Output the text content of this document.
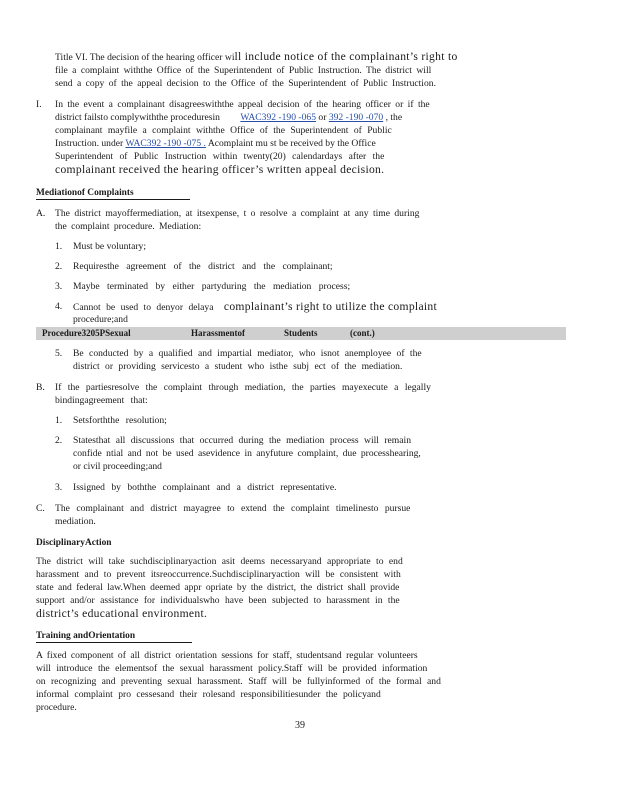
Title VI. The decision of the hearing officer will include notice of the complainant’s right to
file a complaint withthe Office of the Superintendent of Public Instruction. The district will
send a copy of the appeal decision to the Office of the Superintendent of Public Instruction.
I. In the event a complainant disagreeswiththe appeal decision of the hearing officer or if the
district failsto complywiththe proceduresin WAC392 -190 -065 or 392 -190 -070 , the
complainant mayfile a complaint withthe Office of the Superintendent of Public
Instruction. under WAC392 -190 -075 . Acomplaint mu st be received by the Office
Superintendent of Public Instruction within twenty(20) calendardays after the
complainant received the hearing officer’s written appeal decision.
Mediationof Complaints
A. The district mayoffermediation, at itsexpense, t o resolve a complaint at any time during
the complaint procedure. Mediation:
1. Must be voluntary;
2. Requiresthe agreement of the district and the complainant;
3. Maybe terminated by either partyduring the mediation process;
4. Cannot be used to denyor delaya complainant’s right to utilize the complaint
procedure;and
Procedure3205PSexual	Harassmentof	Students	(cont.)
5. Be conducted by a qualified and impartial mediator, who isnot anemployee of the
district or providing servicesto a student who isthe subj ect of the mediation.
B. If the partiesresolve the complaint through mediation, the parties mayexecute a legally
bindingagreement that:
1. Setsforththe resolution;
2. Statesthat all discussions that occurred during the mediation process will remain
confide ntial and not be used asevidence in anyfuture complaint, due processhearing,
or civil proceeding;and
3. Issigned by boththe complainant and a district representative.
C. The complainant and district mayagree to extend the complaint timelinesto pursue
mediation.
DisciplinaryAction
The district will take suchdisciplinaryaction asit deems necessaryand appropriate to end
harassment and to prevent itsreoccurrence.Suchdisciplinaryaction will be consistent with
state and federal law.When deemed appr opriate by the district, the district shall provide
support and/or assistance for individualswho have been subjected to harassment in the
district’s educational environment.
Training andOrientation
A fixed component of all district orientation sessions for staff, studentsand regular volunteers
will introduce the elementsof the sexual harassment policy.Staff will be provided information
on recognizing and preventing sexual harassment. Staff will be fullyinformed of the formal and
informal complaint pro cessesand their rolesand responsibilitiesunder the policyand
procedure.
39
